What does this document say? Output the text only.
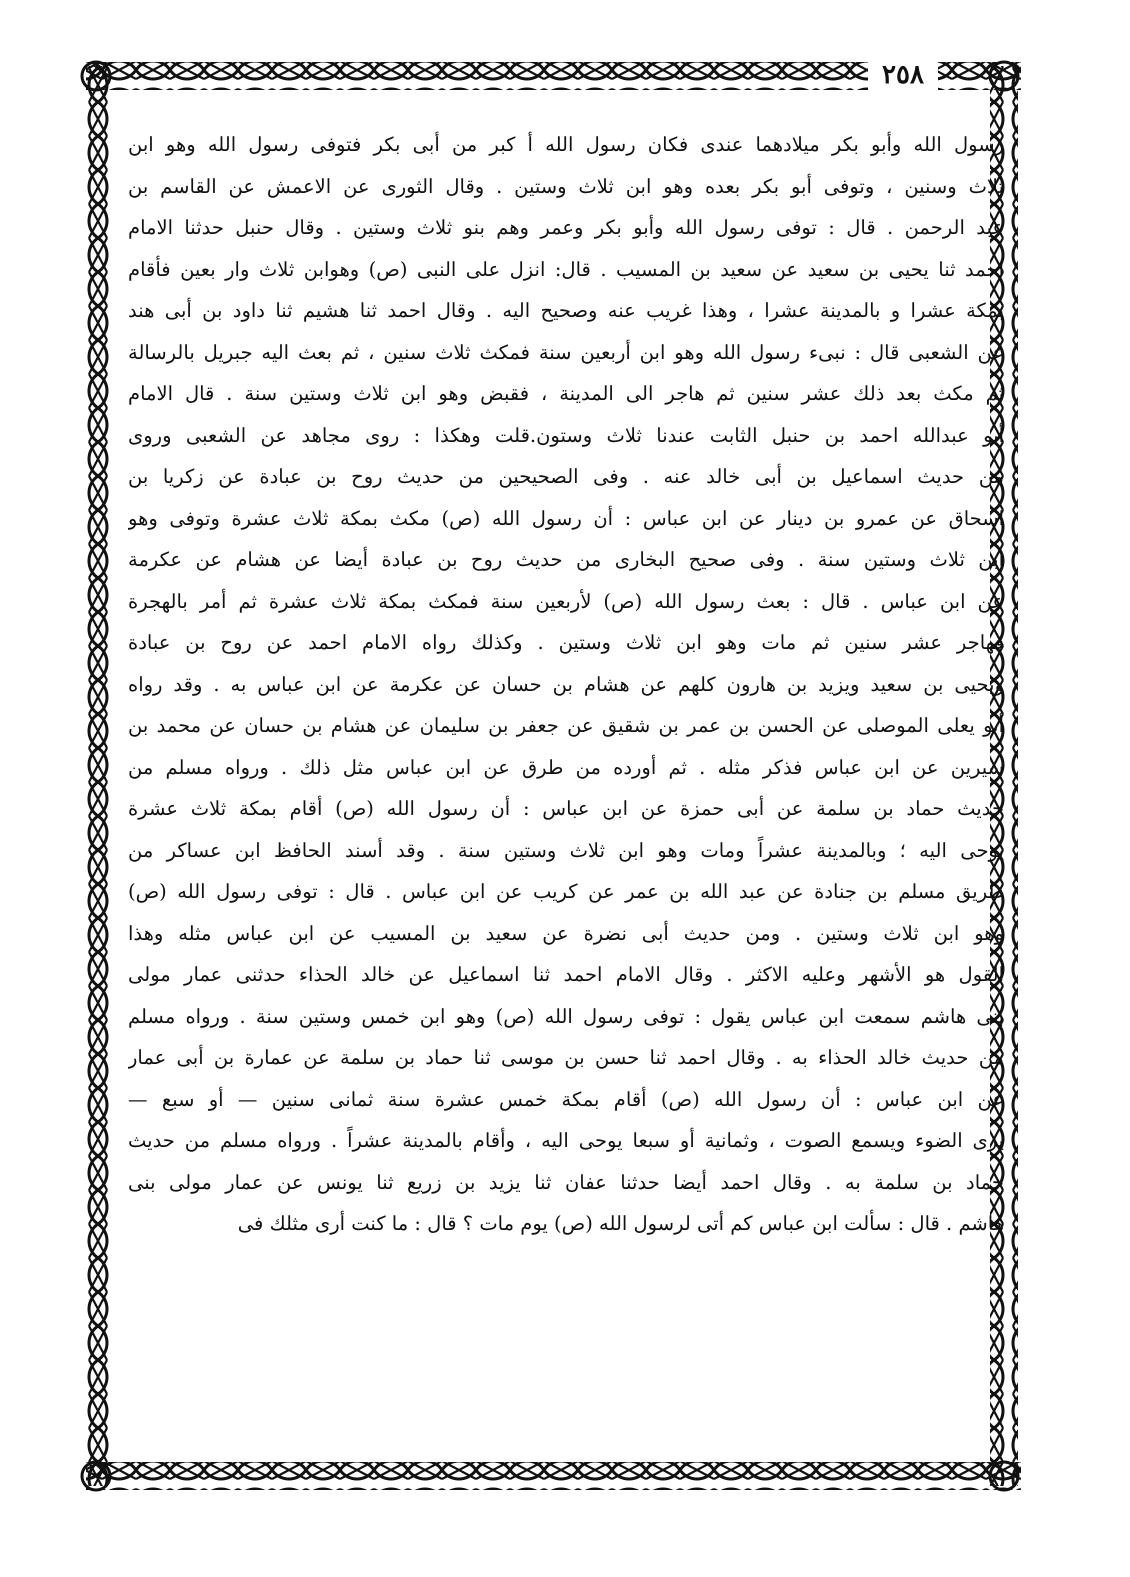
٢٥٨
رسول الله وأبو بكر ميلادهما عندى فكان رسول الله أ كبر من أبى بكر فتوفى رسول الله وهو ابن
ثلاث وسنين ، وتوفى أبو بكر بعده وهو ابن ثلاث وستين . وقال الثورى عن الاعمش عن القاسم بن
عبد الرحمن . قال : توفى رسول الله وأبو بكر وعمر وهم بنو ثلاث وستين . وقال حنبل حدثنا الامام
احمد ثنا يحيى بن سعيد عن سعيد بن المسيب . قال: انزل على النبى (ص) وهوابن ثلاث وار بعين فأقام
بمكة عشرا و بالمدينة عشرا ، وهذا غريب عنه وصحيح اليه . وقال احمد ثنا هشيم ثنا داود بن أبى هند
عن الشعبى قال : نبىء رسول الله وهو ابن أربعين سنة فمكث ثلاث سنين ، ثم بعث اليه جبريل بالرسالة
ثم مكث بعد ذلك عشر سنين ثم هاجر الى المدينة ، فقبض وهو ابن ثلاث وستين سنة . قال الامام
أبو عبدالله احمد بن حنبل الثابت عندنا ثلاث وستون.قلت وهكذا : روى مجاهد عن الشعبى وروى
من حديث اسماعيل بن أبى خالد عنه . وفى الصحيحين من حديث روح بن عبادة عن زكريا بن
اسحاق عن عمرو بن دينار عن ابن عباس : أن رسول الله (ص) مكث بمكة ثلاث عشرة وتوفى وهو
ابن ثلاث وستين سنة . وفى صحيح البخارى من حديث روح بن عبادة أيضا عن هشام عن عكرمة
عن ابن عباس . قال : بعث رسول الله (ص) لأربعين سنة فمكث بمكة ثلاث عشرة ثم أمر بالهجرة
فهاجر عشر سنين ثم مات وهو ابن ثلاث وستين . وكذلك رواه الامام احمد عن روح بن عبادة
ويحيى بن سعيد ويزيد بن هارون كلهم عن هشام بن حسان عن عكرمة عن ابن عباس به . وقد رواه
أبو يعلى الموصلى عن الحسن بن عمر بن شقيق عن جعفر بن سليمان عن هشام بن حسان عن محمد بن
سيرين عن ابن عباس فذكر مثله . ثم أورده من طرق عن ابن عباس مثل ذلك . ورواه مسلم من
حديث حماد بن سلمة عن أبى حمزة عن ابن عباس : أن رسول الله (ص) أقام بمكة ثلاث عشرة
يوحى اليه ؛ وبالمدينة عشراً ومات وهو ابن ثلاث وستين سنة . وقد أسند الحافظ ابن عساكر من
طريق مسلم بن جنادة عن عبد الله بن عمر عن كريب عن ابن عباس . قال : توفى رسول الله (ص)
وهو ابن ثلاث وستين . ومن حديث أبى نضرة عن سعيد بن المسيب عن ابن عباس مثله وهذا
القول هو الأشهر وعليه الاكثر . وقال الامام احمد ثنا اسماعيل عن خالد الحذاء حدثنى عمار مولى
بنى هاشم سمعت ابن عباس يقول : توفى رسول الله (ص) وهو ابن خمس وستين سنة . ورواه مسلم
من حديث خالد الحذاء به . وقال احمد ثنا حسن بن موسى ثنا حماد بن سلمة عن عمارة بن أبى عمار
عن ابن عباس : أن رسول الله (ص) أقام بمكة خمس عشرة سنة ثمانى سنين — أو سبع —
يرى الضوء ويسمع الصوت ، وثمانية أو سبعا يوحى اليه ، وأقام بالمدينة عشراً . ورواه مسلم من حديث
حماد بن سلمة به . وقال احمد أيضا حدثنا عفان ثنا يزيد بن زريع ثنا يونس عن عمار مولى بنى
هاشم . قال : سألت ابن عباس كم أتى لرسول الله (ص) يوم مات ؟ قال : ما كنت أرى مثلك فى
